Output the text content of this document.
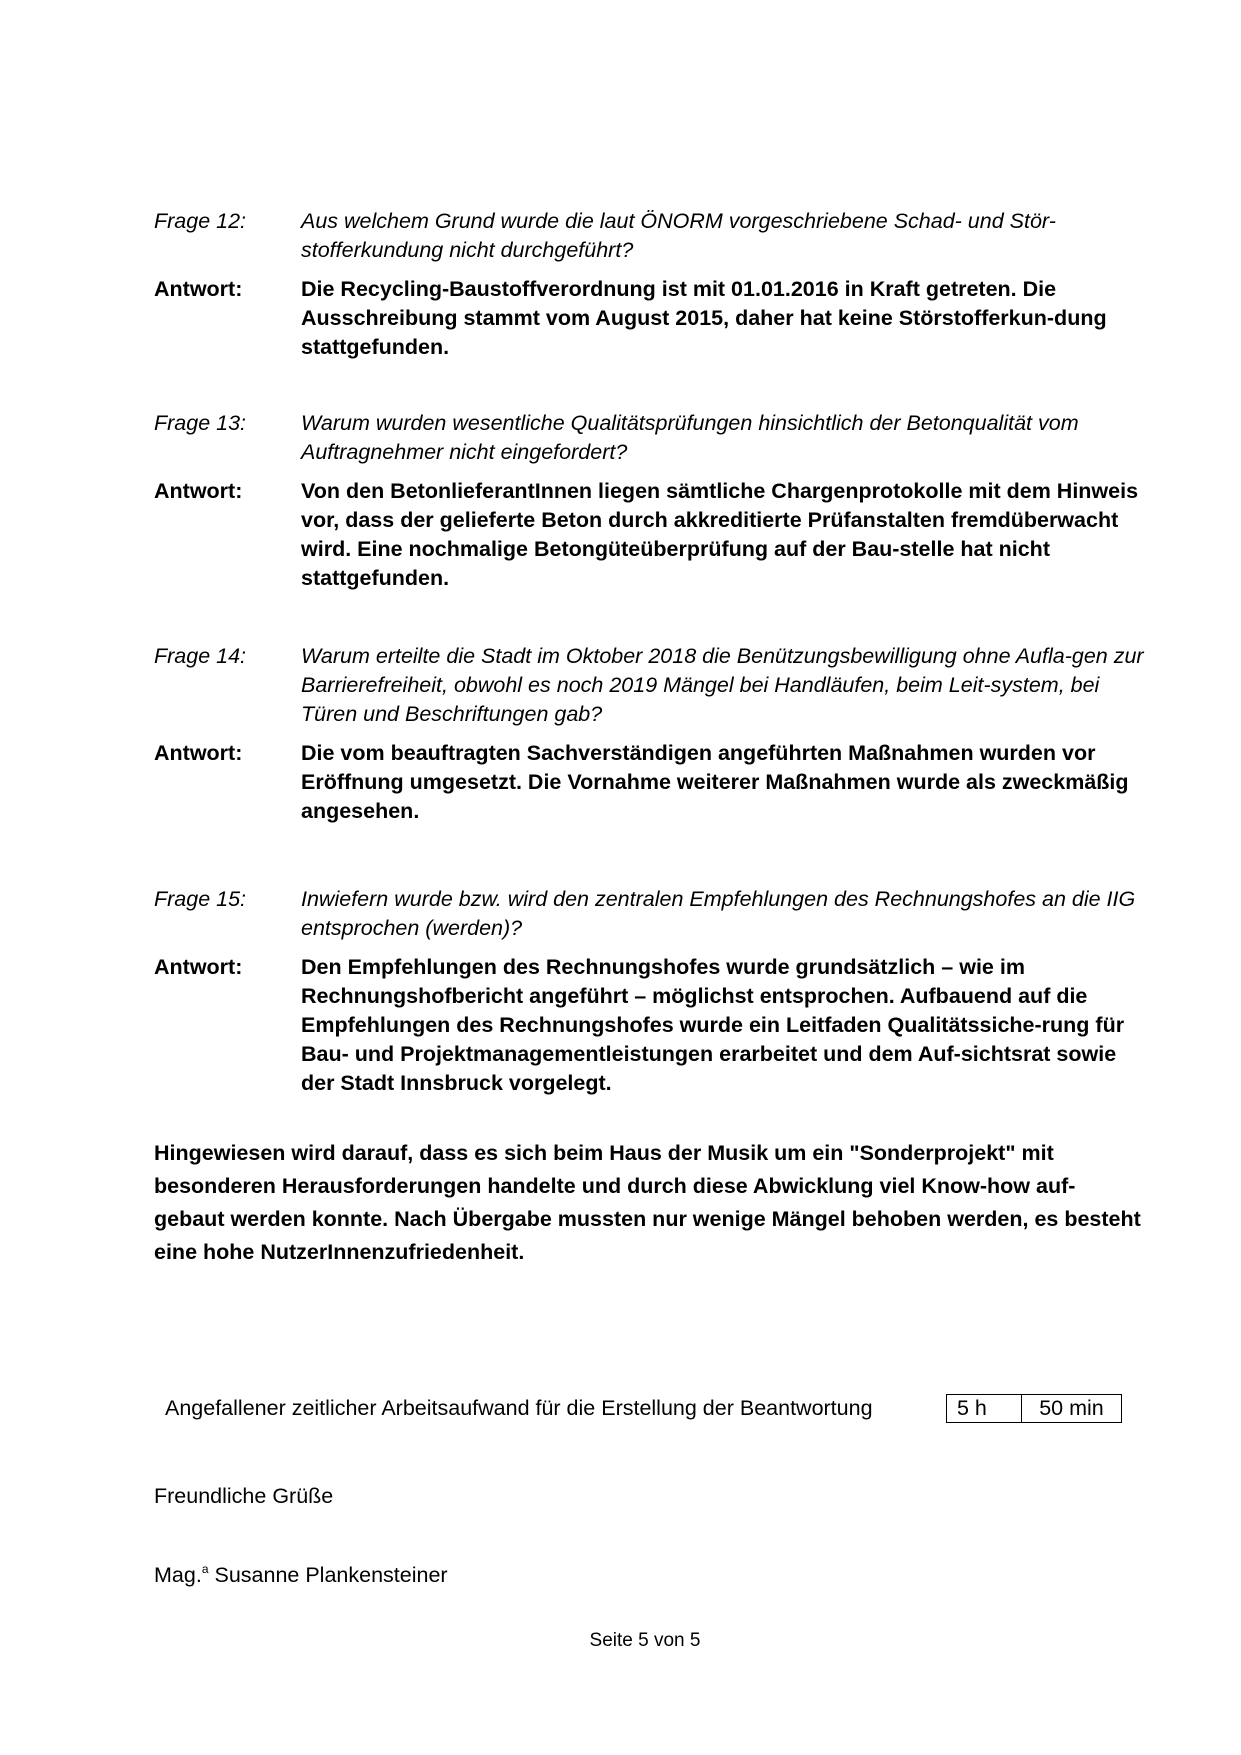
Frage 12:	Aus welchem Grund wurde die laut ÖNORM vorgeschriebene Schad- und Stör-stofferkundung nicht durchgeführt?
Antwort:	Die Recycling-Baustoffverordnung ist mit 01.01.2016 in Kraft getreten. Die Ausschreibung stammt vom August 2015, daher hat keine Störstofferkun-dung stattgefunden.
Frage 13:	Warum wurden wesentliche Qualitätsprüfungen hinsichtlich der Betonqualität vom Auftragnehmer nicht eingefordert?
Antwort:	Von den BetonlieferantInnen liegen sämtliche Chargenprotokolle mit dem Hinweis vor, dass der gelieferte Beton durch akkreditierte Prüfanstalten fremdüberwacht wird. Eine nochmalige Betongüteüberprüfung auf der Bau-stelle hat nicht stattgefunden.
Frage 14:	Warum erteilte die Stadt im Oktober 2018 die Benützungsbewilligung ohne Aufla-gen zur Barrierefreiheit, obwohl es noch 2019 Mängel bei Handläufen, beim Leit-system, bei Türen und Beschriftungen gab?
Antwort:	Die vom beauftragten Sachverständigen angeführten Maßnahmen wurden vor Eröffnung umgesetzt. Die Vornahme weiterer Maßnahmen wurde als zweckmäßig angesehen.
Frage 15:	Inwiefern wurde bzw. wird den zentralen Empfehlungen des Rechnungshofes an die IIG entsprochen (werden)?
Antwort:	Den Empfehlungen des Rechnungshofes wurde grundsätzlich – wie im Rechnungshofbericht angeführt – möglichst entsprochen. Aufbauend auf die Empfehlungen des Rechnungshofes wurde ein Leitfaden Qualitätssiche-rung für Bau- und Projektmanagementleistungen erarbeitet und dem Auf-sichtsrat sowie der Stadt Innsbruck vorgelegt.
Hingewiesen wird darauf, dass es sich beim Haus der Musik um ein "Sonderprojekt" mit besonderen Herausforderungen handelte und durch diese Abwicklung viel Know-how auf-gebaut werden konnte. Nach Übergabe mussten nur wenige Mängel behoben werden, es besteht eine hohe NutzerInnenzufriedenheit.
Angefallener zeitlicher Arbeitsaufwand für die Erstellung der Beantwortung	5 h	50 min
Freundliche Grüße
Mag.$^a$ Susanne Plankensteiner
Seite 5 von 5
